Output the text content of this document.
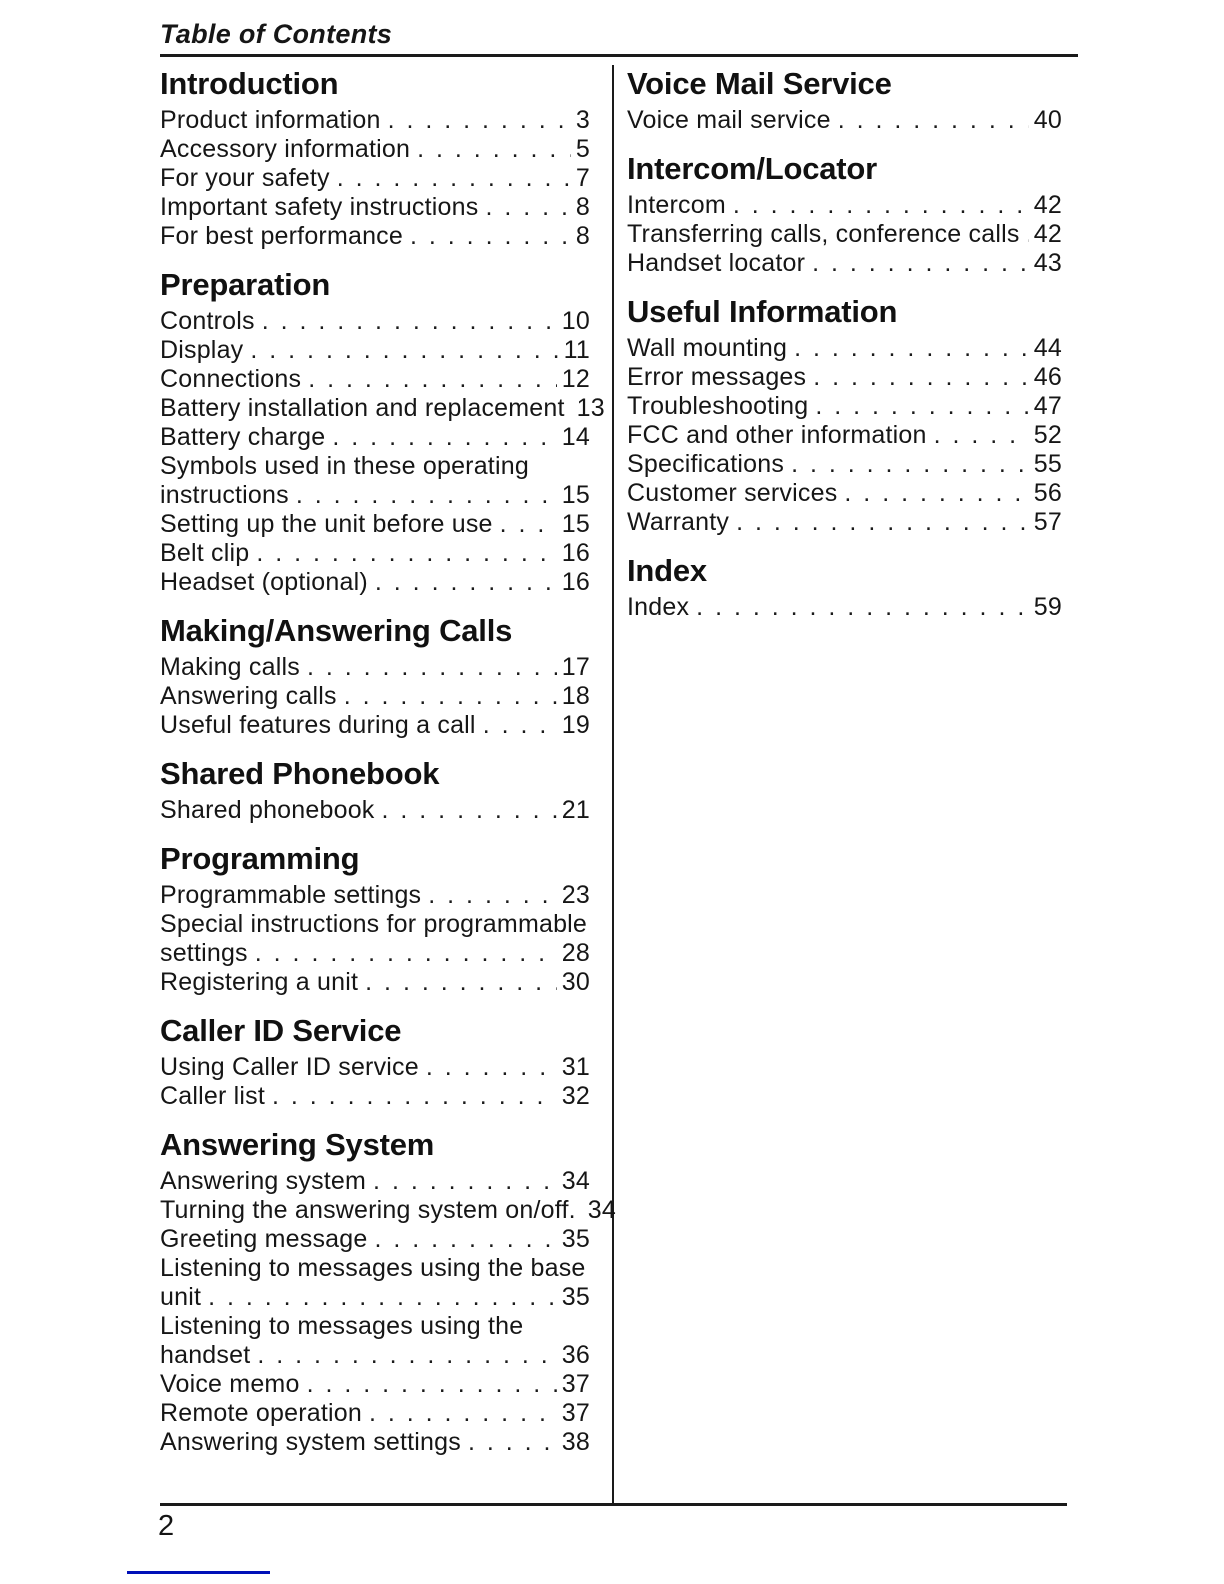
Table of Contents
Introduction
Product information . . .	3
Accessory information . . .	5
For your safety . . .	7
Important safety instructions . . .	8
For best performance . . .	8
Preparation
Controls . . .	10
Display . . .	11
Connections . . .	12
Battery installation and replacement 13
Battery charge . . .	14
Symbols used in these operating
instructions . . .	15
Setting up the unit before use . . .	15
Belt clip . . .	16
Headset (optional) . . .	16
Making/Answering Calls
Making calls . . .	17
Answering calls . . .	18
Useful features during a call . . .	19
Shared Phonebook
Shared phonebook . . .	21
Programming
Programmable settings . . .	23
Special instructions for programmable
settings . . .	28
Registering a unit . . .	30
Caller ID Service
Using Caller ID service . . .	31
Caller list . . .	32
Answering System
Answering system . . .	34
Turning the answering system on/off. 34
Greeting message . . .	35
Listening to messages using the base
unit . . .	35
Listening to messages using the
handset . . .	36
Voice memo . . .	37
Remote operation . . .	37
Answering system settings . . .	38
Voice Mail Service
Voice mail service . . .	40
Intercom/Locator
Intercom . . .	42
Transferring calls, conference calls . . . 42
Handset locator . . .	43
Useful Information
Wall mounting . . .	44
Error messages . . .	46
Troubleshooting . . .	47
FCC and other information . . .	52
Specifications . . .	55
Customer services . . .	56
Warranty . . .	57
Index
Index . . .	59
2
